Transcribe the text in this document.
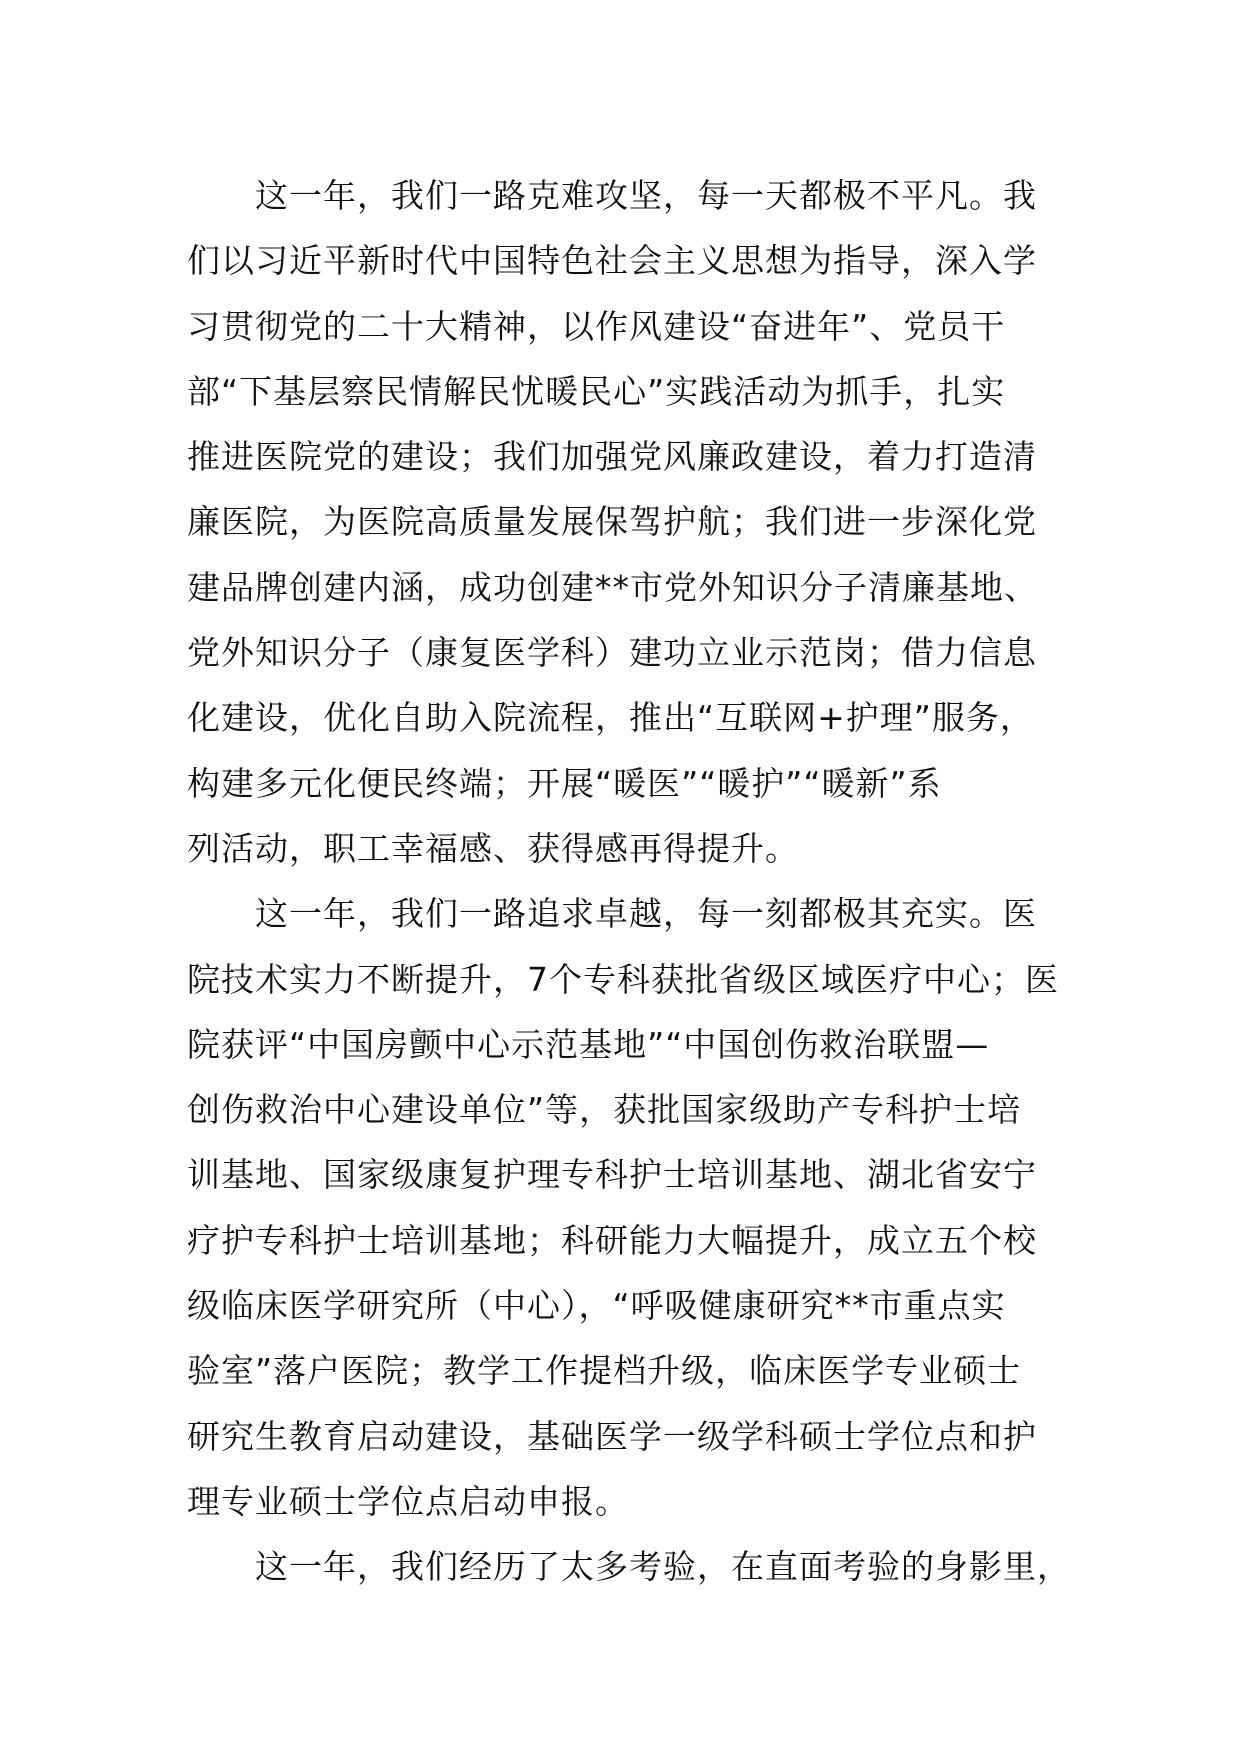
　　这一年，我们一路克难攻坚，每一天都极不平凡。我
们以习近平新时代中国特色社会主义思想为指导，深入学
习贯彻党的二十大精神，以作风建设“奋进年”、党员干
部“下基层察民情解民忧暖民心”实践活动为抓手，扎实
推进医院党的建设；我们加强党风廉政建设，着力打造清
廉医院，为医院高质量发展保驾护航；我们进一步深化党
建品牌创建内涵，成功创建**市党外知识分子清廉基地、
党外知识分子（康复医学科）建功立业示范岗；借力信息
化建设，优化自助入院流程，推出“互联网+护理”服务，
构建多元化便民终端；开展“暖医”“暖护”“暖新”系
列活动，职工幸福感、获得感再得提升。

　　这一年，我们一路追求卓越，每一刻都极其充实。医
院技术实力不断提升，7个专科获批省级区域医疗中心；医
院获评“中国房颤中心示范基地”“中国创伤救治联盟—
创伤救治中心建设单位”等，获批国家级助产专科护士培
训基地、国家级康复护理专科护士培训基地、湖北省安宁
疗护专科护士培训基地；科研能力大幅提升，成立五个校
级临床医学研究所（中心），“呼吸健康研究**市重点实
验室”落户医院；教学工作提档升级，临床医学专业硕士
研究生教育启动建设，基础医学一级学科硕士学位点和护
理专业硕士学位点启动申报。

　　这一年，我们经历了太多考验，在直面考验的身影里，
